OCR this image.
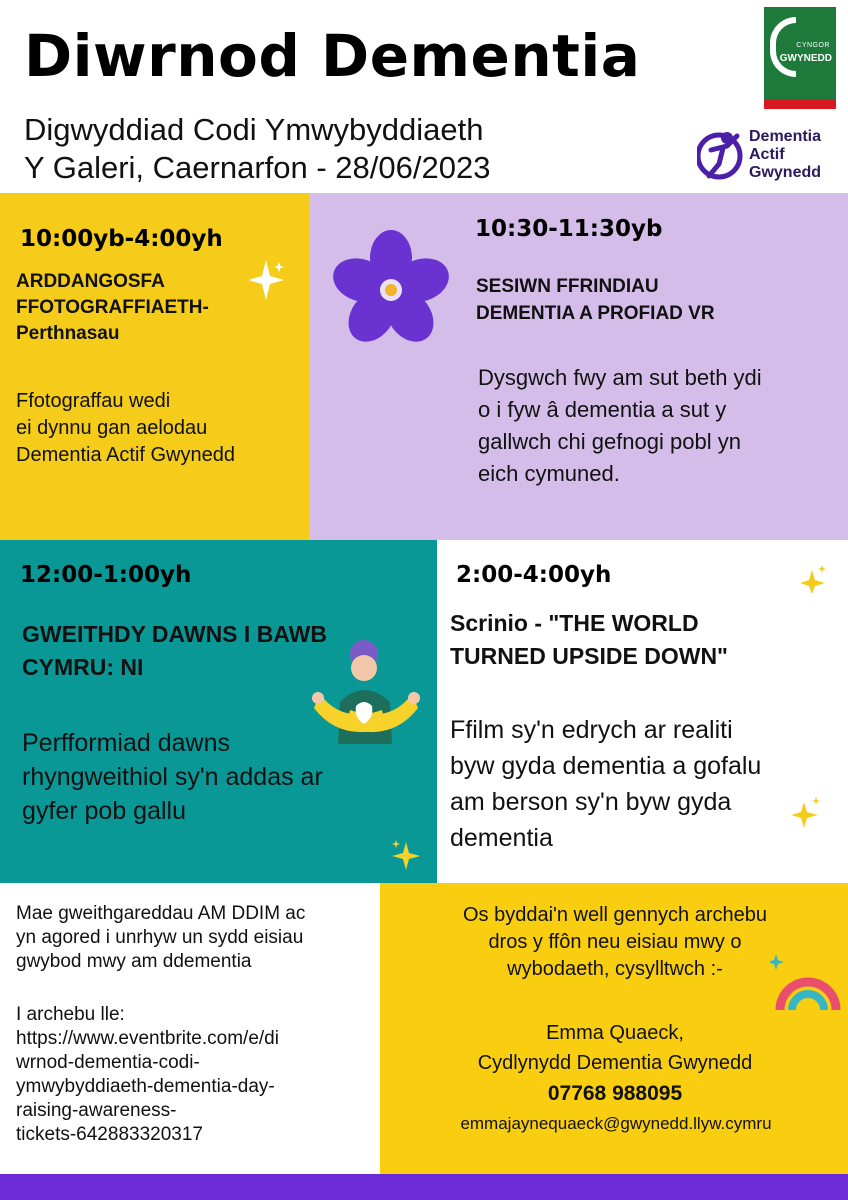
Diwrnod Dementia
Digwyddiad Codi Ymwybyddiaeth
Y Galeri, Caernarfon - 28/06/2023
CYNGOR
GWYNEDD
Dementia
Actif
Gwynedd
10:00yb-4:00yh
ARDDANGOSFA
FFOTOGRAFFIAETH-
Perthnasau
Ffotograffau wedi
ei dynnu gan aelodau
Dementia Actif Gwynedd
10:30-11:30yb
SESIWN FFRINDIAU
DEMENTIA A PROFIAD VR
Dysgwch fwy am sut beth ydi
o i fyw â dementia a sut y
gallwch chi gefnogi pobl yn
eich cymuned.
12:00-1:00yh
GWEITHDY DAWNS I BAWB
CYMRU: NI
Perfformiad dawns
rhyngweithiol sy'n addas ar
gyfer pob gallu
2:00-4:00yh
Scrinio - "THE WORLD
TURNED UPSIDE DOWN"
Ffilm sy'n edrych ar realiti
byw gyda dementia a gofalu
am berson sy'n byw gyda
dementia
Mae gweithgareddau AM DDIM ac
yn agored i unrhyw un sydd eisiau
gwybod mwy am ddementia
I archebu lle:
https://www.eventbrite.com/e/di
wrnod-dementia-codi-
ymwybyddiaeth-dementia-day-
raising-awareness-
tickets-642883320317
Os byddai'n well gennych archebu
dros y ffôn neu eisiau mwy o
wybodaeth, cysylltwch :-
Emma Quaeck,
Cydlynydd Dementia Gwynedd
07768 988095
emmajaynequaeck@gwynedd.llyw.cymru
